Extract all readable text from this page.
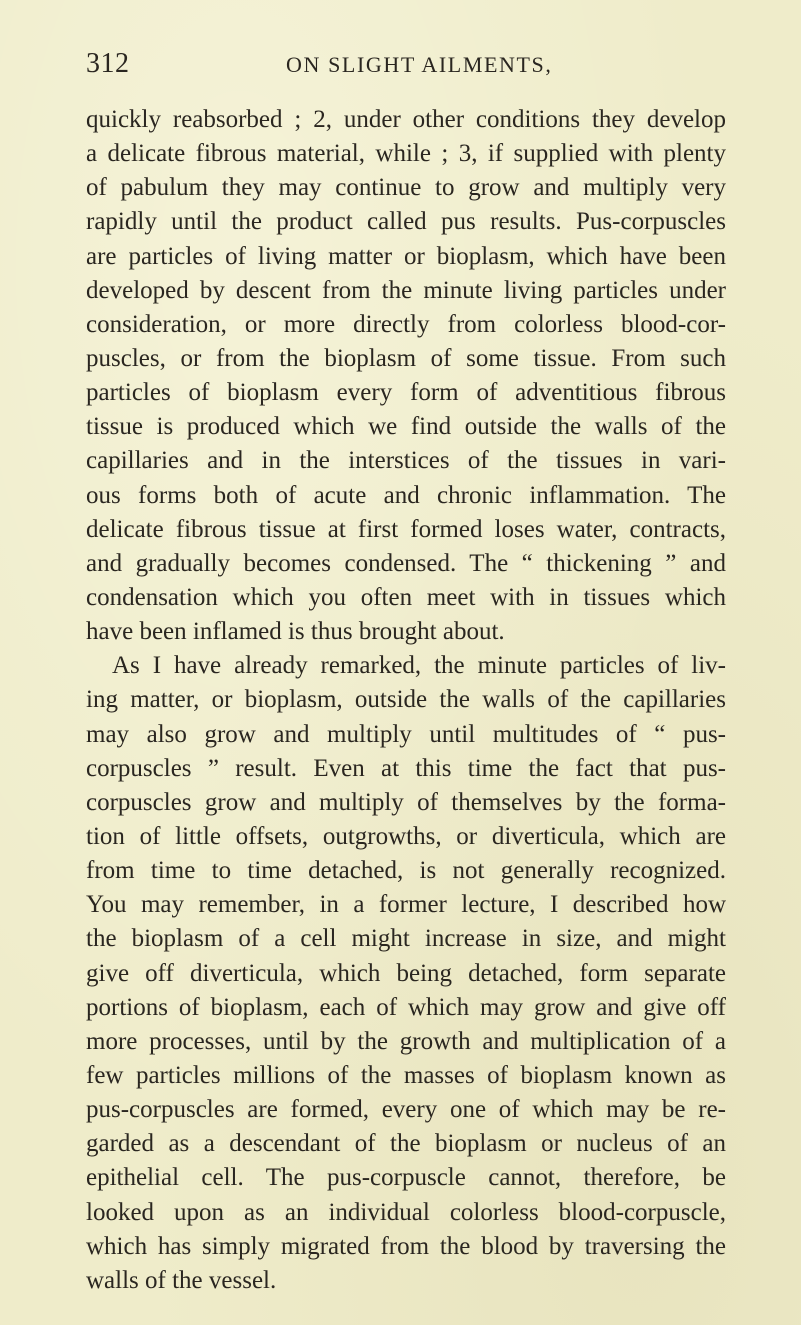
312	ON SLIGHT AILMENTS,
quickly reabsorbed ; 2, under other conditions they develop
a delicate fibrous material, while ; 3, if supplied with plenty
of pabulum they may continue to grow and multiply very
rapidly until the product called pus results. Pus-corpuscles
are particles of living matter or bioplasm, which have been
developed by descent from the minute living particles under
consideration, or more directly from colorless blood-cor-
puscles, or from the bioplasm of some tissue. From such
particles of bioplasm every form of adventitious fibrous
tissue is produced which we find outside the walls of the
capillaries and in the interstices of the tissues in vari-
ous forms both of acute and chronic inflammation. The
delicate fibrous tissue at first formed loses water, contracts,
and gradually becomes condensed. The “ thickening ” and
condensation which you often meet with in tissues which
have been inflamed is thus brought about.
As I have already remarked, the minute particles of liv-
ing matter, or bioplasm, outside the walls of the capillaries
may also grow and multiply until multitudes of “ pus-
corpuscles ” result. Even at this time the fact that pus-
corpuscles grow and multiply of themselves by the forma-
tion of little offsets, outgrowths, or diverticula, which are
from time to time detached, is not generally recognized.
You may remember, in a former lecture, I described how
the bioplasm of a cell might increase in size, and might
give off diverticula, which being detached, form separate
portions of bioplasm, each of which may grow and give off
more processes, until by the growth and multiplication of a
few particles millions of the masses of bioplasm known as
pus-corpuscles are formed, every one of which may be re-
garded as a descendant of the bioplasm or nucleus of an
epithelial cell. The pus-corpuscle cannot, therefore, be
looked upon as an individual colorless blood-corpuscle,
which has simply migrated from the blood by traversing the
walls of the vessel.
